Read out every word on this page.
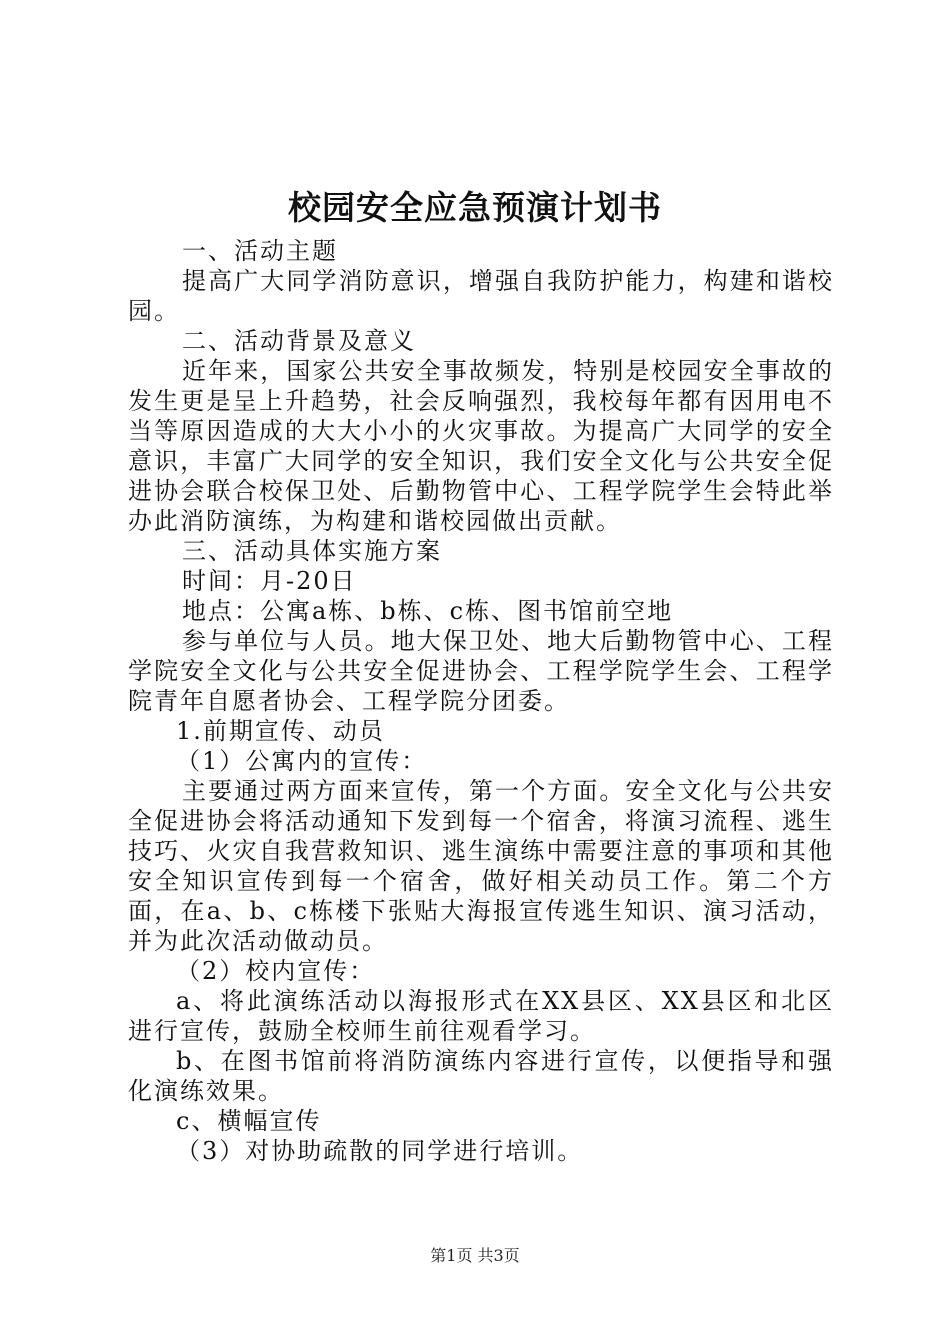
校园安全应急预演计划书

一、活动主题

提高广大同学消防意识，增强自我防护能力，构建和谐校园。

二、活动背景及意义

近年来，国家公共安全事故频发，特别是校园安全事故的发生更是呈上升趋势，社会反响强烈，我校每年都有因用电不当等原因造成的大大小小的火灾事故。为提高广大同学的安全意识，丰富广大同学的安全知识，我们安全文化与公共安全促进协会联合校保卫处、后勤物管中心、工程学院学生会特此举办此消防演练，为构建和谐校园做出贡献。

三、活动具体实施方案

时间：月-20日

地点：公寓a栋、b栋、c栋、图书馆前空地

参与单位与人员。地大保卫处、地大后勤物管中心、工程学院安全文化与公共安全促进协会、工程学院学生会、工程学院青年自愿者协会、工程学院分团委。

1.前期宣传、动员

（1）公寓内的宣传：

主要通过两方面来宣传，第一个方面。安全文化与公共安全促进协会将活动通知下发到每一个宿舍，将演习流程、逃生技巧、火灾自我营救知识、逃生演练中需要注意的事项和其他安全知识宣传到每一个宿舍，做好相关动员工作。第二个方面，在a、b、c栋楼下张贴大海报宣传逃生知识、演习活动，并为此次活动做动员。

（2）校内宣传：

a、将此演练活动以海报形式在XX县区、XX县区和北区进行宣传，鼓励全校师生前往观看学习。

b、在图书馆前将消防演练内容进行宣传，以便指导和强化演练效果。

c、横幅宣传

（3）对协助疏散的同学进行培训。

第1页 共3页
